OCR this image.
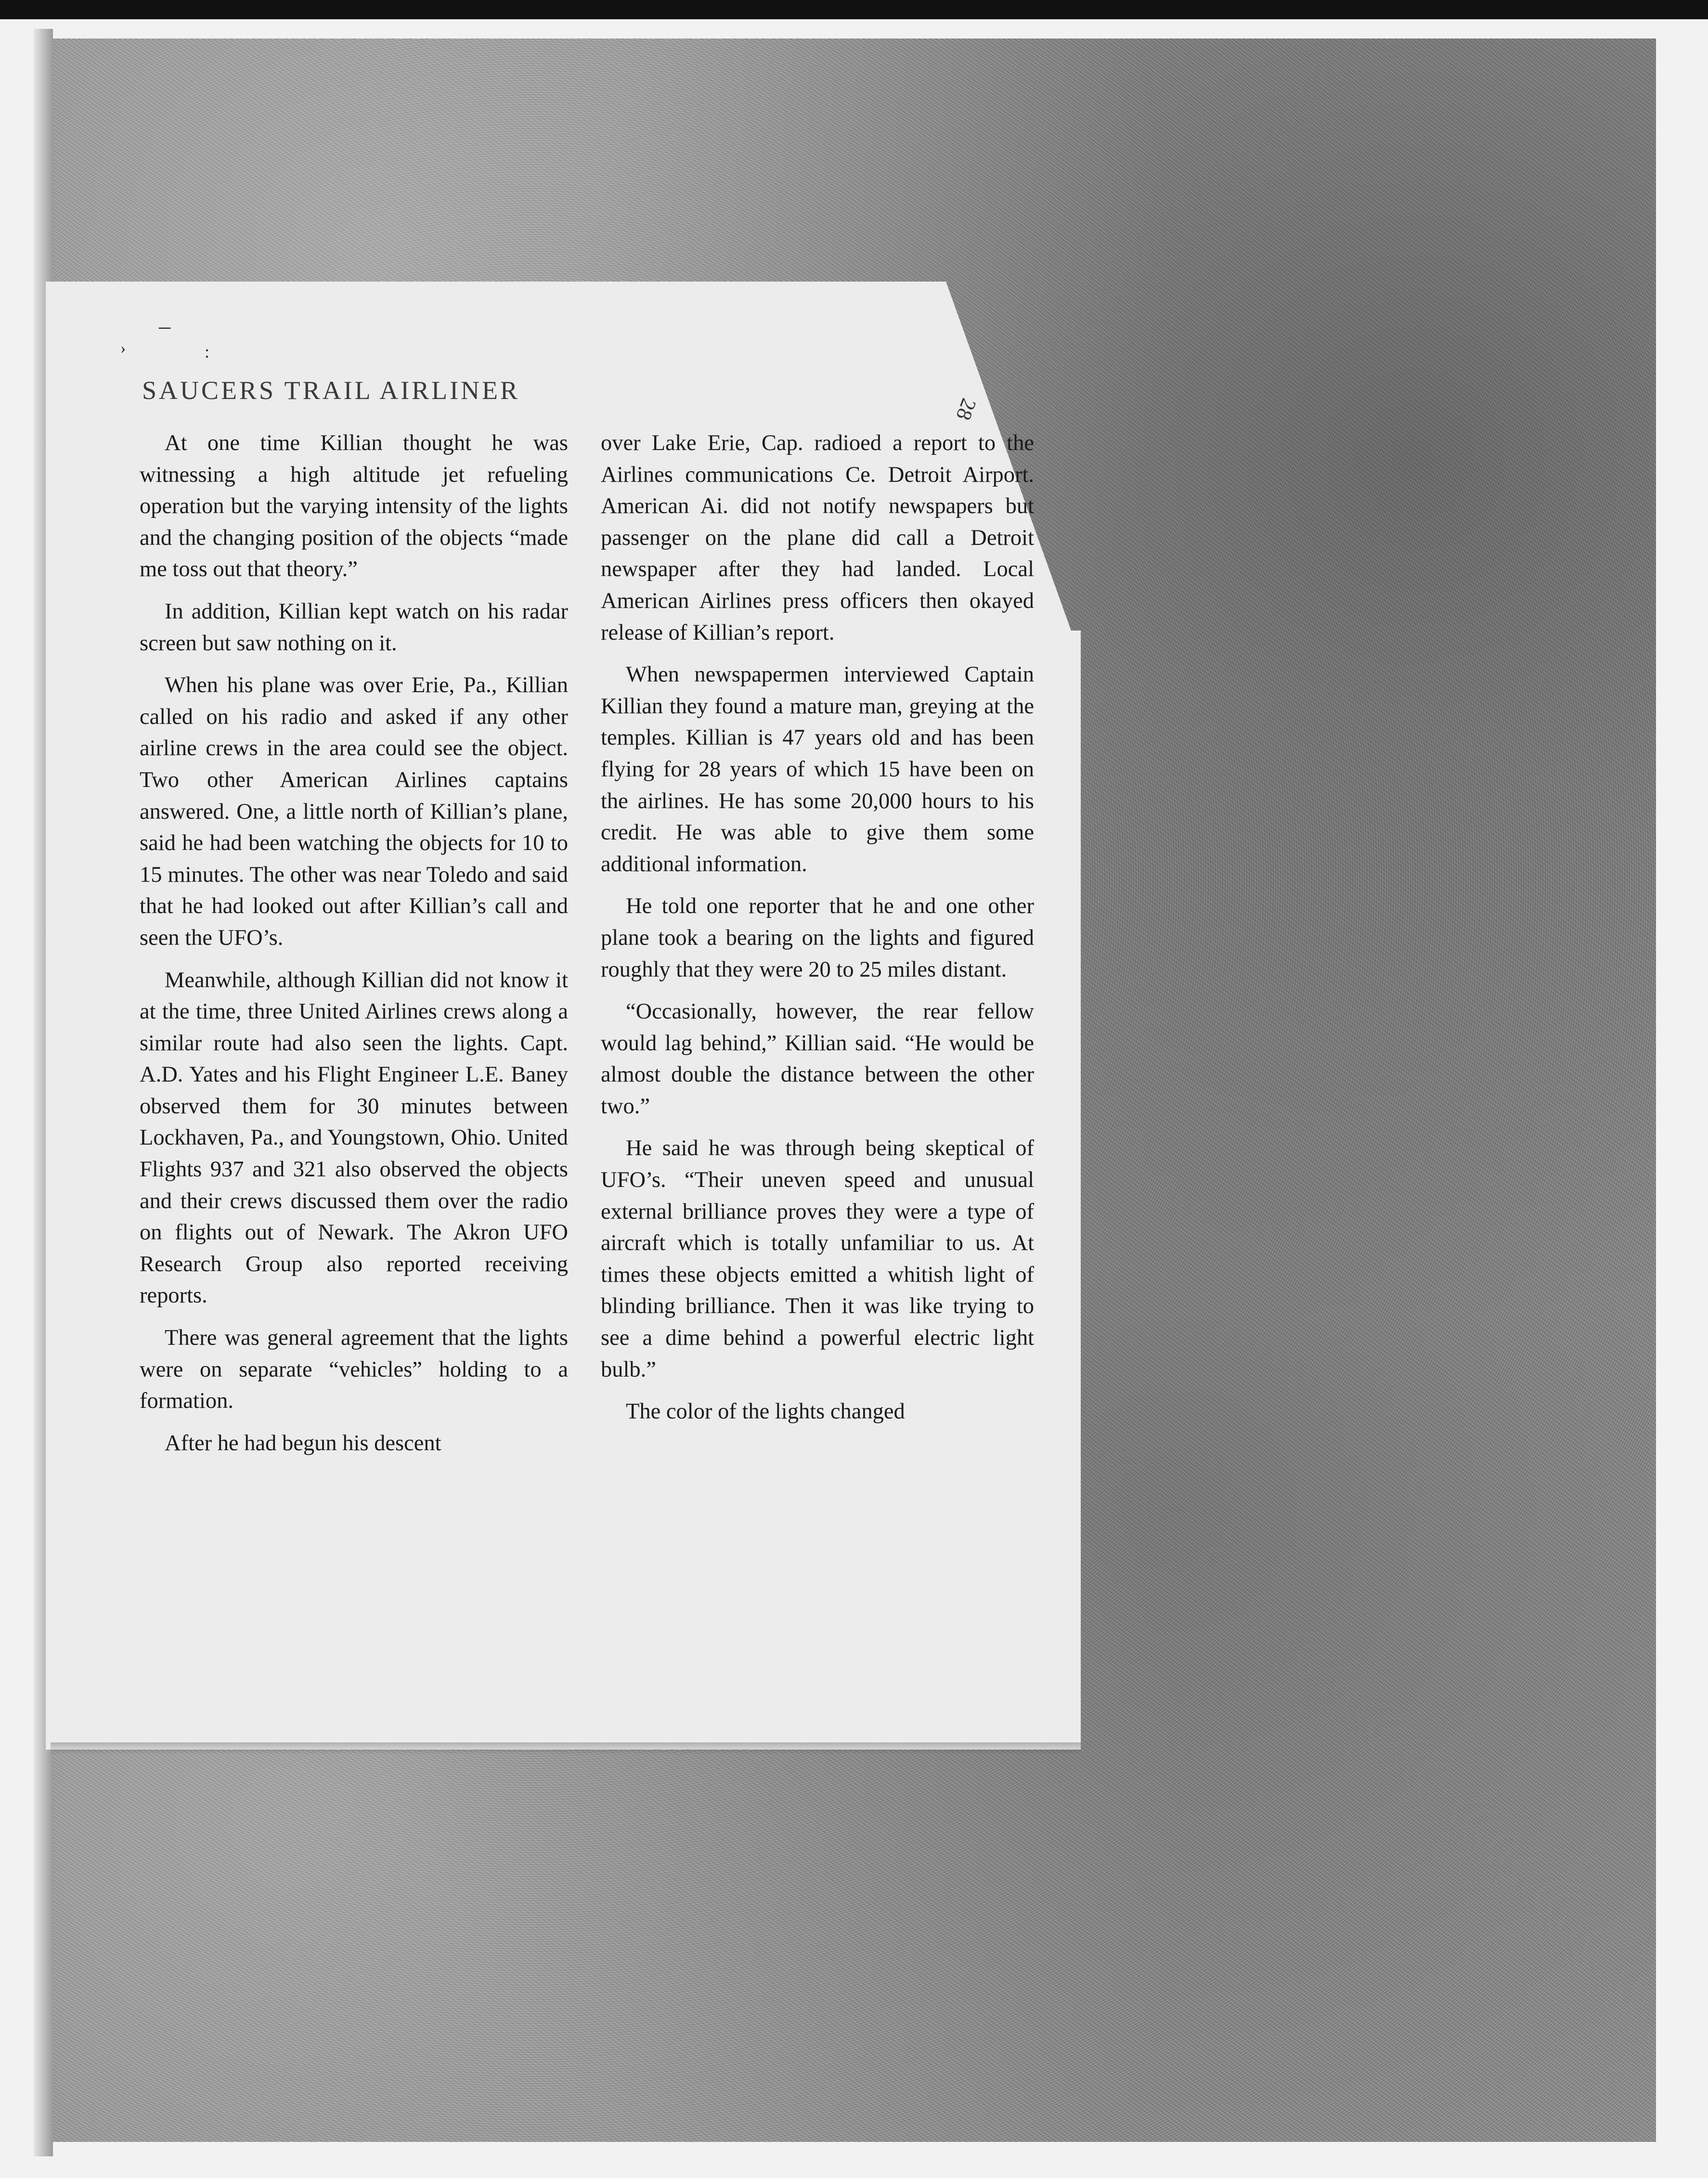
–
›	:
SAUCERS TRAIL AIRLINER
28

At one time Killian thought he was witnessing a high altitude jet refueling operation but the varying intensity of the lights and the changing position of the objects “made me toss out that theory.”

In addition, Killian kept watch on his radar screen but saw nothing on it.

When his plane was over Erie, Pa., Killian called on his radio and asked if any other airline crews in the area could see the object. Two other American Airlines captains answered. One, a little north of Killian’s plane, said he had been watching the objects for 10 to 15 minutes. The other was near Toledo and said that he had looked out after Killian’s call and seen the UFO’s.

Meanwhile, although Killian did not know it at the time, three United Airlines crews along a similar route had also seen the lights. Capt. A.D. Yates and his Flight Engineer L.E. Baney observed them for 30 minutes between Lockhaven, Pa., and Youngstown, Ohio. United Flights 937 and 321 also observed the objects and their crews discussed them over the radio on flights out of Newark. The Akron UFO Research Group also reported receiving reports.

There was general agreement that the lights were on separate “vehicles” holding to a formation.

After he had begun his descent

over Lake Erie, Cap. radioed a report to the Airlines communications Ce. Detroit Airport. American Ai. did not notify newspapers but passenger on the plane did call a Detroit newspaper after they had landed. Local American Airlines press officers then okayed release of Killian’s report.

When newspapermen interviewed Captain Killian they found a mature man, greying at the temples. Killian is 47 years old and has been flying for 28 years of which 15 have been on the airlines. He has some 20,000 hours to his credit. He was able to give them some additional information.

He told one reporter that he and one other plane took a bearing on the lights and figured roughly that they were 20 to 25 miles distant.

“Occasionally, however, the rear fellow would lag behind,” Killian said. “He would be almost double the distance between the other two.”

He said he was through being skeptical of UFO’s. “Their uneven speed and unusual external brilliance proves they were a type of aircraft which is totally unfamiliar to us. At times these objects emitted a whitish light of blinding brilliance. Then it was like trying to see a dime behind a powerful electric light bulb.”

The color of the lights changed
